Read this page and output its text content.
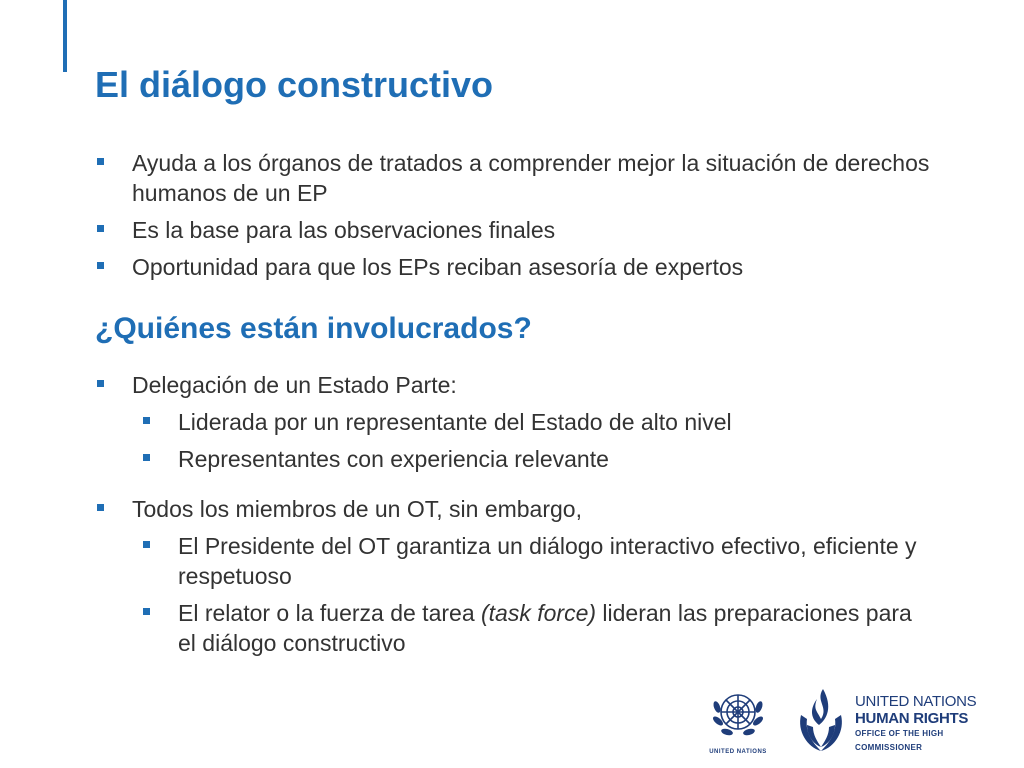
El diálogo constructivo
Ayuda a los órganos de tratados a comprender mejor la situación de derechos humanos de un EP
Es la base para las observaciones finales
Oportunidad para que los EPs reciban asesoría de expertos
¿Quiénes están involucrados?
Delegación de un Estado Parte:
Liderada por un representante del Estado de alto nivel
Representantes con experiencia relevante
Todos los miembros de un OT, sin embargo,
El Presidente del OT garantiza un diálogo interactivo efectivo, eficiente y respetuoso
El relator o la fuerza de tarea (task force) lideran las preparaciones para el diálogo constructivo
UNITED NATIONS
UNITED NATIONS
HUMAN RIGHTS
OFFICE OF THE HIGH COMMISSIONER
